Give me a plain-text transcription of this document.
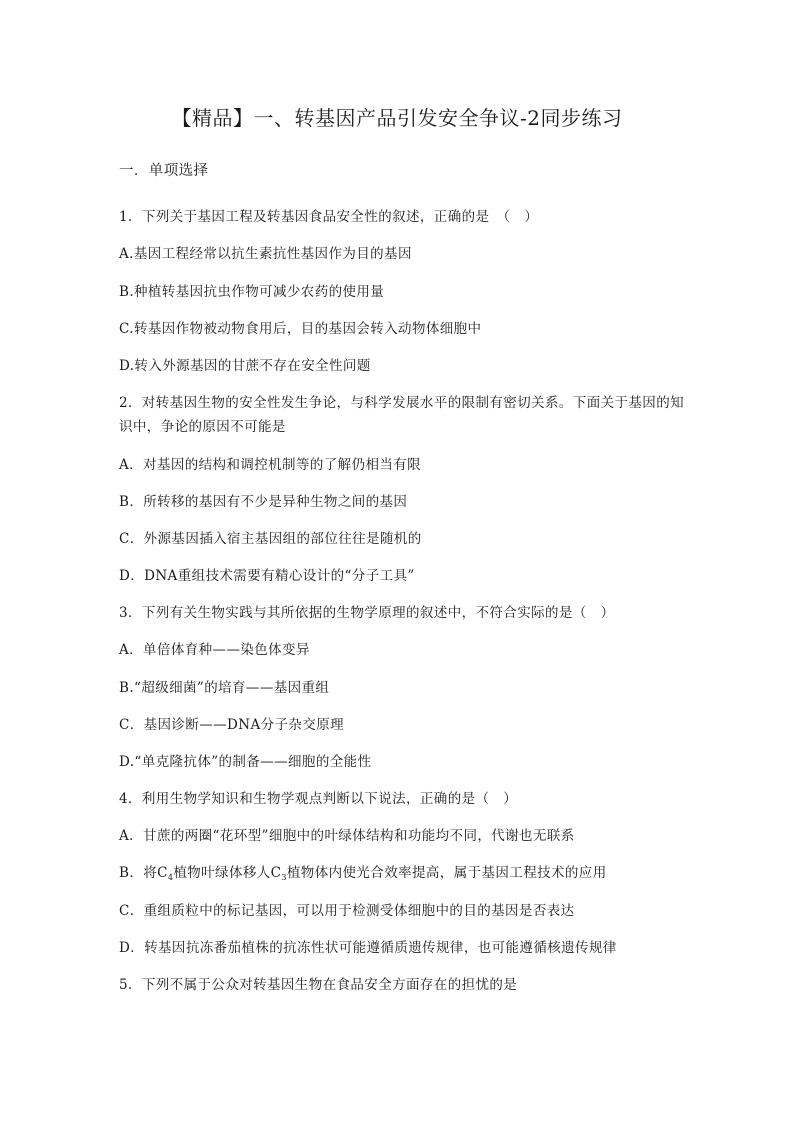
【精品】一、转基因产品引发安全争议-2同步练习
一．单项选择
1．下列关于基因工程及转基因食品安全性的叙述，正确的是　（　）
A.基因工程经常以抗生素抗性基因作为目的基因
B.种植转基因抗虫作物可减少农药的使用量
C.转基因作物被动物食用后，目的基因会转入动物体细胞中
D.转入外源基因的甘蔗不存在安全性问题
2．对转基因生物的安全性发生争论，与科学发展水平的限制有密切关系。下面关于基因的知 识中，争论的原因不可能是
A．对基因的结构和调控机制等的了解仍相当有限
B．所转移的基因有不少是异种生物之间的基因
C．外源基因插入宿主基因组的部位往往是随机的
D．DNA重组技术需要有精心设计的“分子工具”
3．下列有关生物实践与其所依据的生物学原理的叙述中，不符合实际的是（　）
A．单倍体育种——染色体变异
B.“超级细菌”的培育——基因重组
C．基因诊断——DNA分子杂交原理
D.“单克隆抗体”的制备——细胞的全能性
4．利用生物学知识和生物学观点判断以下说法，正确的是（　）
A．甘蔗的两圈“花环型”细胞中的叶绿体结构和功能均不同，代谢也无联系
B．将$C_4$植物叶绿体移人$C_3$植物体内使光合效率提高，属于基因工程技术的应用
C．重组质粒中的标记基因，可以用于检测受体细胞中的目的基因是否表达
D．转基因抗冻番茄植株的抗冻性状可能遵循质遗传规律，也可能遵循核遗传规律
5．下列不属于公众对转基因生物在食品安全方面存在的担忧的是
